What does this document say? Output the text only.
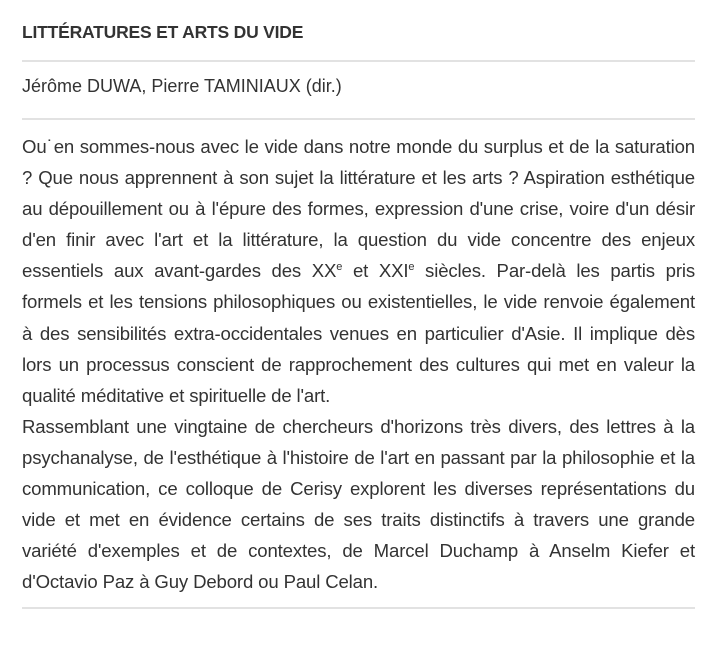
LITTÉRATURES ET ARTS DU VIDE
Jérôme DUWA, Pierre TAMINIAUX (dir.)

Ou˙en sommes-nous avec le vide dans notre monde du surplus et de la saturation ? Que nous apprennent à son sujet la littérature et les arts ? Aspiration esthétique au dépouillement ou à l'épure des formes, expression d'une crise, voire d'un désir d'en finir avec l'art et la littérature, la question du vide concentre des enjeux essentiels aux avant-gardes des XXe et XXIe siècles. Par-delà les partis pris formels et les tensions philosophiques ou existentielles, le vide renvoie également à des sensibilités extra-occidentales venues en particulier d'Asie. Il implique dès lors un processus conscient de rapprochement des cultures qui met en valeur la qualité méditative et spirituelle de l'art.

Rassemblant une vingtaine de chercheurs d'horizons très divers, des lettres à la psychanalyse, de l'esthétique à l'histoire de l'art en passant par la philosophie et la communication, ce colloque de Cerisy explorent les diverses représentations du vide et met en évidence certains de ses traits distinctifs à travers une grande variété d'exemples et de contextes, de Marcel Duchamp à Anselm Kiefer et d'Octavio Paz à Guy Debord ou Paul Celan.
